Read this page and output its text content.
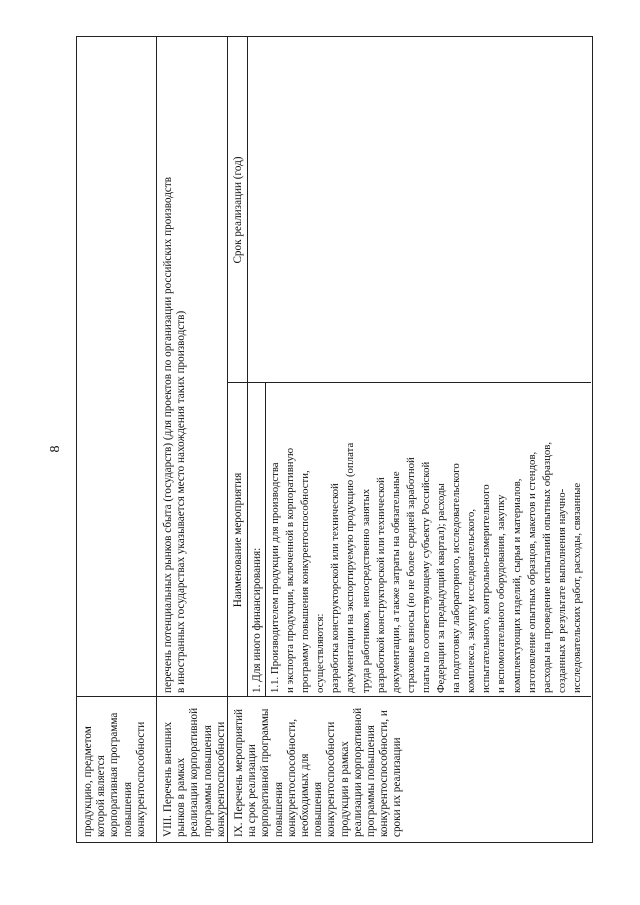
8

продукцию, предметом которой является корпоративная программа повышения конкурентоспособности VIII. Перечень внешних рынков в рамках реализации корпоративной программы повышения конкурентоспособности

перечень потенциальных рынков сбыта (государств) (для проектов по организации российских производств в иностранных государствах указывается место нахождения таких производств)

IX. Перечень мероприятий на срок реализации корпоративной программы повышения конкурентоспособности, необходимых для повышения конкурентоспособности продукции в рамках реализации корпоративной программы повышения конкурентоспособности, и сроки их реализации

Наименование мероприятия

Срок реализации (год)

1. Для иного финансирования: 1.1. Производителем продукции для производства и экспорта продукции, включенной в корпоративную программу повышения конкурентоспособности, осуществляются: разработка конструкторской или технической документации на экспортируемую продукцию (оплата труда работников, непосредственно занятых разработкой конструкторской или технической документации, а также затраты на обязательные страховые взносы (но не более средней заработной платы по соответствующему субъекту Российской Федерации за предыдущий квартал); расходы на подготовку лабораторного, исследовательского комплекса, закупку исследовательского, испытательного, контрольно-измерительного и вспомогательного оборудования, закупку комплектующих изделий, сырья и материалов, изготовление опытных образцов, макетов и стендов, расходы на проведение испытаний опытных образцов, созданных в результате выполнения научно- исследовательских работ, расходы, связанные
